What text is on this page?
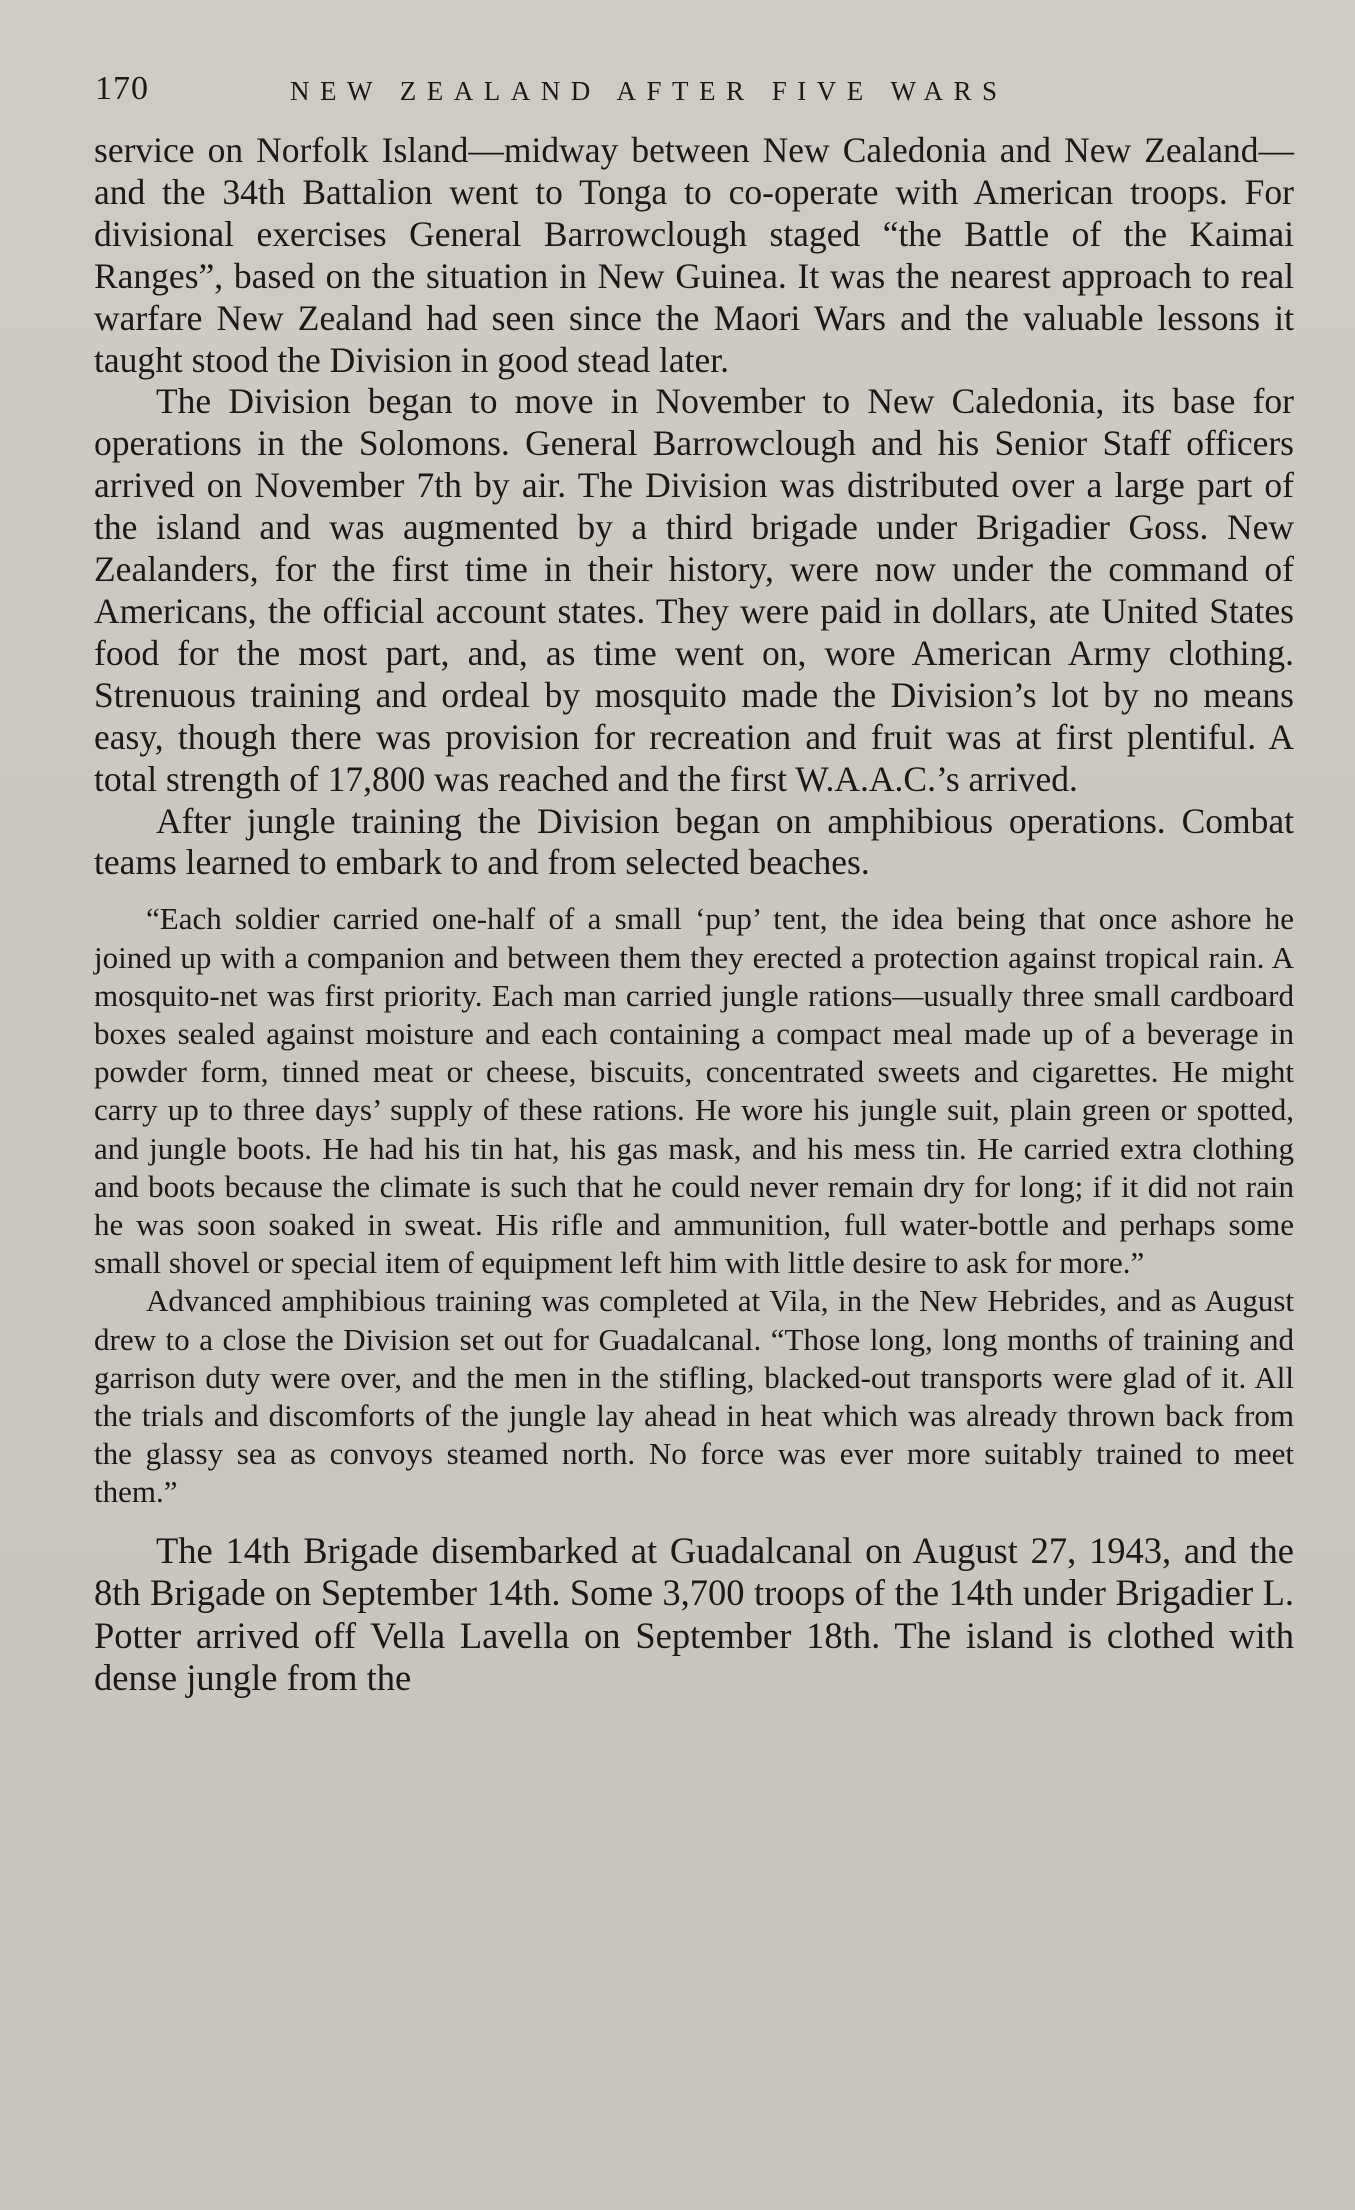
170	NEW ZEALAND AFTER FIVE WARS

service on Norfolk Island—midway between New Caledonia and New Zealand—and the 34th Battalion went to Tonga to co-operate with American troops. For divisional exercises General Barrowclough staged “the Battle of the Kaimai Ranges”, based on the situation in New Guinea. It was the nearest approach to real warfare New Zealand had seen since the Maori Wars and the valuable lessons it taught stood the Division in good stead later.

The Division began to move in November to New Caledonia, its base for operations in the Solomons. General Barrowclough and his Senior Staff officers arrived on November 7th by air. The Division was distributed over a large part of the island and was augmented by a third brigade under Brigadier Goss. New Zealanders, for the first time in their history, were now under the command of Americans, the official account states. They were paid in dollars, ate United States food for the most part, and, as time went on, wore American Army clothing. Strenuous training and ordeal by mosquito made the Division’s lot by no means easy, though there was provision for recreation and fruit was at first plentiful. A total strength of 17,800 was reached and the first W.A.A.C.’s arrived.

After jungle training the Division began on amphibious operations. Combat teams learned to embark to and from selected beaches.

“Each soldier carried one-half of a small ‘pup’ tent, the idea being that once ashore he joined up with a companion and between them they erected a protection against tropical rain. A mosquito-net was first priority. Each man carried jungle rations—usually three small cardboard boxes sealed against moisture and each containing a compact meal made up of a beverage in powder form, tinned meat or cheese, biscuits, concentrated sweets and cigarettes. He might carry up to three days’ supply of these rations. He wore his jungle suit, plain green or spotted, and jungle boots. He had his tin hat, his gas mask, and his mess tin. He carried extra clothing and boots because the climate is such that he could never remain dry for long; if it did not rain he was soon soaked in sweat. His rifle and ammunition, full water-bottle and perhaps some small shovel or special item of equipment left him with little desire to ask for more.”

Advanced amphibious training was completed at Vila, in the New Hebrides, and as August drew to a close the Division set out for Guadalcanal. “Those long, long months of training and garrison duty were over, and the men in the stifling, blacked-out transports were glad of it. All the trials and discomforts of the jungle lay ahead in heat which was already thrown back from the glassy sea as convoys steamed north. No force was ever more suitably trained to meet them.”

The 14th Brigade disembarked at Guadalcanal on August 27, 1943, and the 8th Brigade on September 14th. Some 3,700 troops of the 14th under Brigadier L. Potter arrived off Vella Lavella on September 18th. The island is clothed with dense jungle from the
